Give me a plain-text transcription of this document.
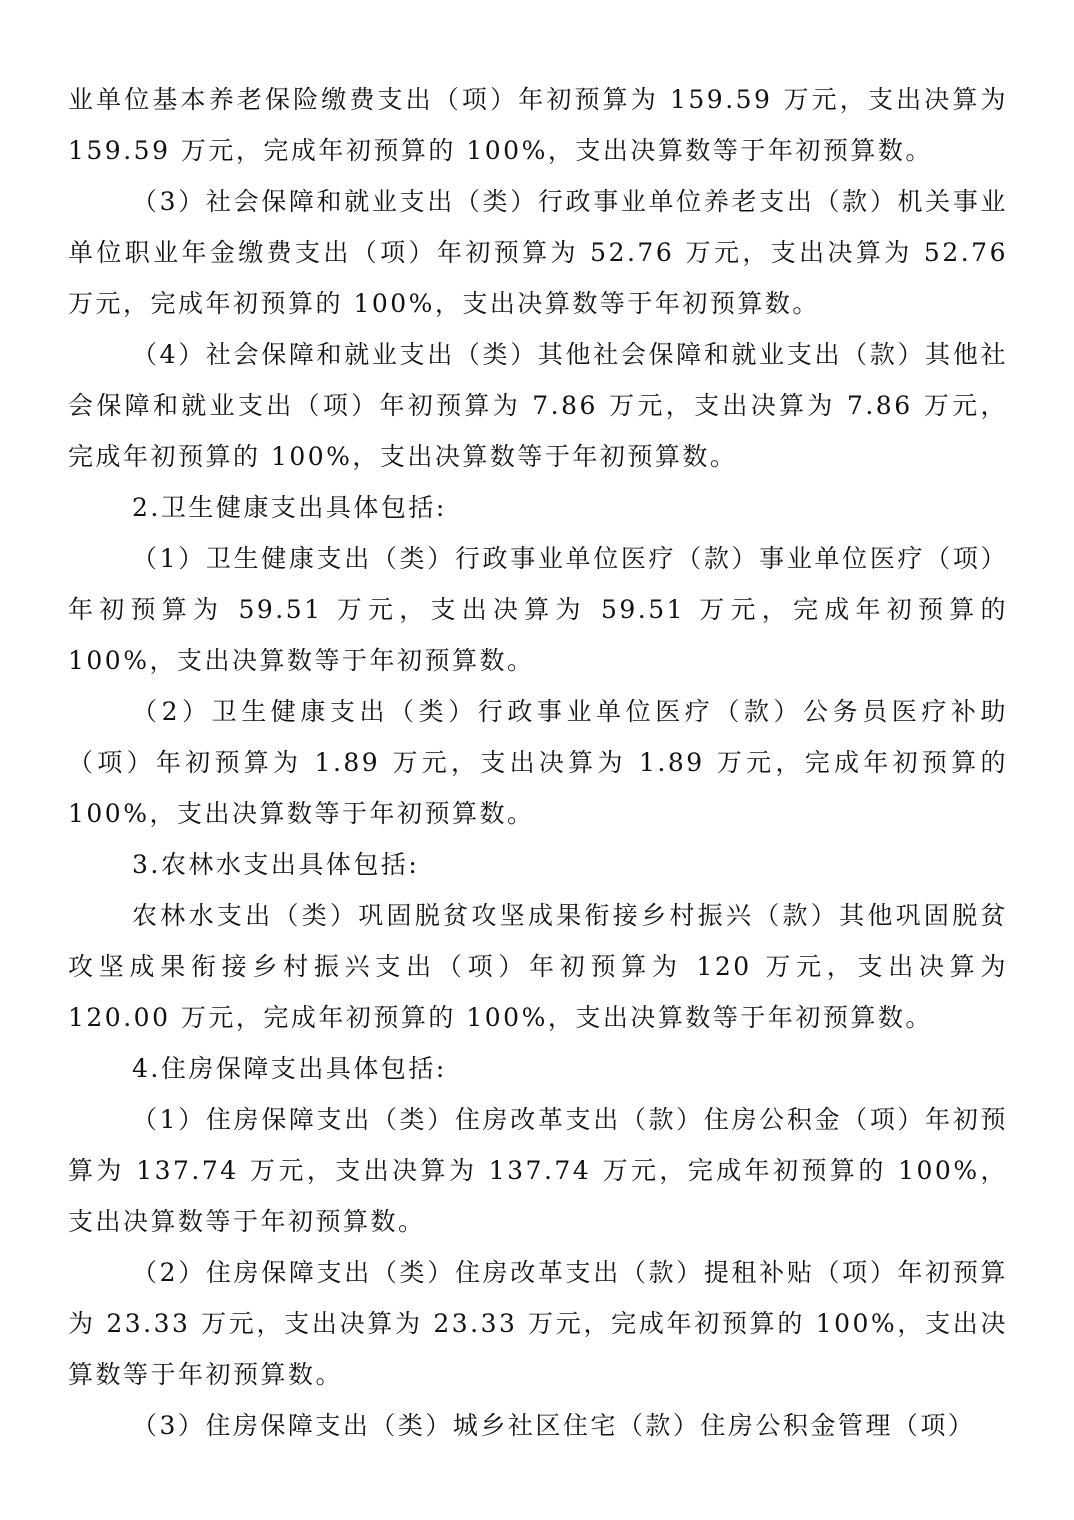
业单位基本养老保险缴费支出（项）年初预算为 159.59 万元，支出决算为159.59 万元，完成年初预算的 100%，支出决算数等于年初预算数。

（3）社会保障和就业支出（类）行政事业单位养老支出（款）机关事业单位职业年金缴费支出（项）年初预算为 52.76 万元，支出决算为 52.76 万元，完成年初预算的 100%，支出决算数等于年初预算数。

（4）社会保障和就业支出（类）其他社会保障和就业支出（款）其他社会保障和就业支出（项）年初预算为 7.86 万元，支出决算为 7.86 万元，完成年初预算的 100%，支出决算数等于年初预算数。

2.卫生健康支出具体包括:

（1）卫生健康支出（类）行政事业单位医疗（款）事业单位医疗（项）年初预算为 59.51 万元，支出决算为 59.51 万元，完成年初预算的 100%，支出决算数等于年初预算数。

（2）卫生健康支出（类）行政事业单位医疗（款）公务员医疗补助（项）年初预算为 1.89 万元，支出决算为 1.89 万元，完成年初预算的 100%，支出决算数等于年初预算数。

3.农林水支出具体包括:

农林水支出（类）巩固脱贫攻坚成果衔接乡村振兴（款）其他巩固脱贫攻坚成果衔接乡村振兴支出（项）年初预算为 120 万元，支出决算为 120.00 万元，完成年初预算的 100%，支出决算数等于年初预算数。

4.住房保障支出具体包括:

（1）住房保障支出（类）住房改革支出（款）住房公积金（项）年初预算为 137.74 万元，支出决算为 137.74 万元，完成年初预算的 100%，支出决算数等于年初预算数。

（2）住房保障支出（类）住房改革支出（款）提租补贴（项）年初预算为 23.33 万元，支出决算为 23.33 万元，完成年初预算的 100%，支出决算数等于年初预算数。

（3）住房保障支出（类）城乡社区住宅（款）住房公积金管理（项）
